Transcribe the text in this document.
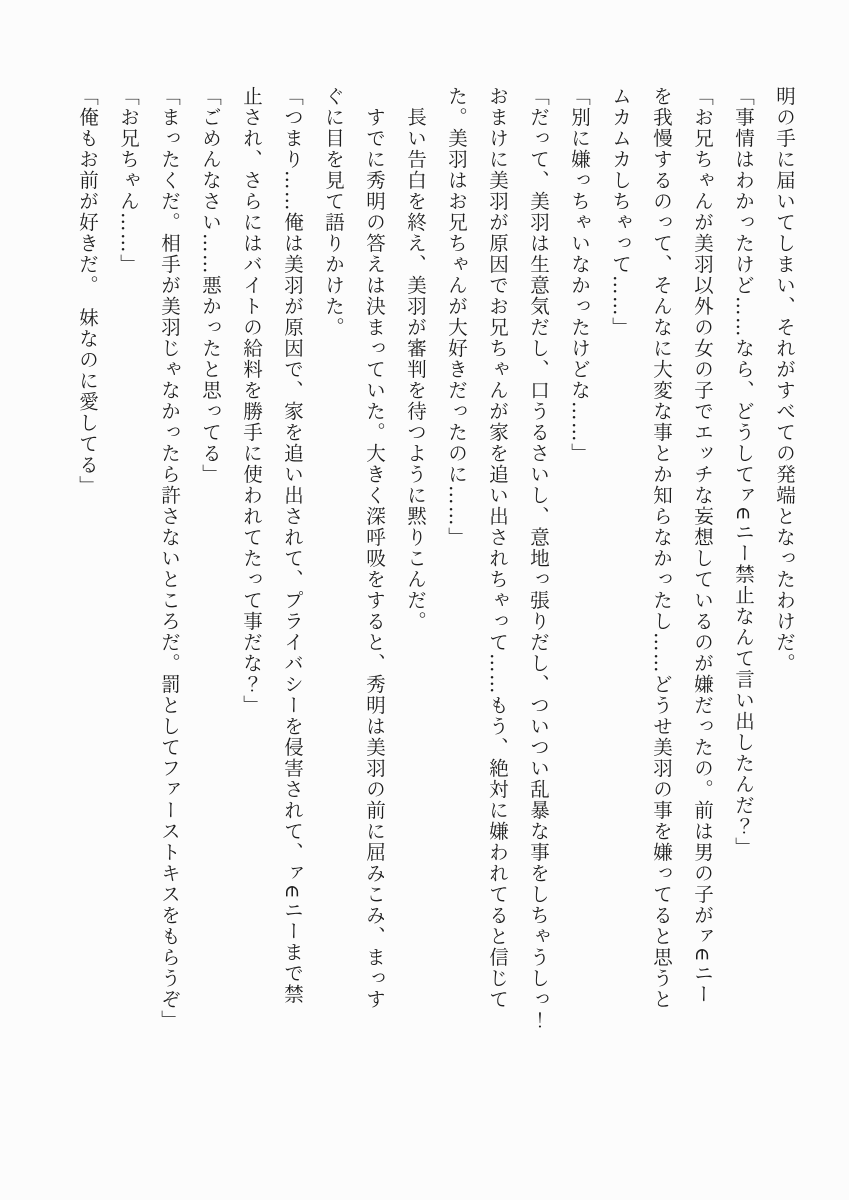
明の手に届いてしまい、それがすべての発端となったわけだ。

「事情はわかったけど……なら、どうしてァ∈ニー禁止なんて言い出したんだ？」

「お兄ちゃんが美羽以外の女の子でエッチな妄想しているのが嫌だったの。前は男の子がァ∈ニー

を我慢するのって、そんなに大変な事とか知らなかったし……どうせ美羽の事を嫌ってると思うと

ムカムカしちゃって……」

「別に嫌っちゃいなかったけどな……」

「だって、美羽は生意気だし、口うるさいし、意地っ張りだし、ついつい乱暴な事をしちゃうしっ！

おまけに美羽が原因でお兄ちゃんが家を追い出されちゃって……もう、絶対に嫌われてると信じて

た。美羽はお兄ちゃんが大好きだったのに……」

　長い告白を終え、美羽が審判を待つように黙りこんだ。

　すでに秀明の答えは決まっていた。大きく深呼吸をすると、秀明は美羽の前に屈みこみ、まっす

ぐに目を見て語りかけた。

「つまり……俺は美羽が原因で、家を追い出されて、プライバシーを侵害されて、ァ∈ニーまで禁

止され、さらにはバイトの給料を勝手に使われてたって事だな？」

「ごめんなさい……悪かったと思ってる」

「まったくだ。相手が美羽じゃなかったら許さないところだ。罰としてファーストキスをもらうぞ」

「お兄ちゃん……」

「俺もお前が好きだ。　妹なのに愛してる」
